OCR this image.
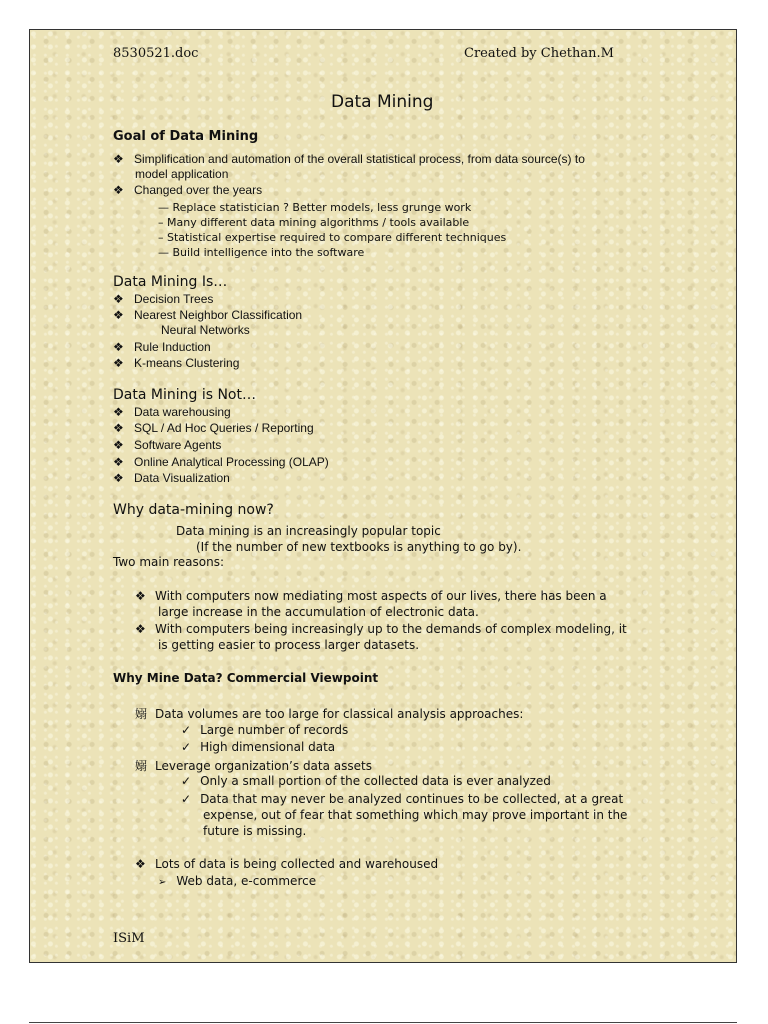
8530521.doc	Created by Chethan.M
Data Mining
Goal of Data Mining
❖ Simplification and automation of the overall statistical process, from data source(s) to
model application
❖ Changed over the years
— Replace statistician ? Better models, less grunge work
– Many different data mining algorithms / tools available
– Statistical expertise required to compare different techniques
— Build intelligence into the software
Data Mining Is…
❖ Decision Trees
❖ Nearest Neighbor Classification
Neural Networks
❖ Rule Induction
❖ K-means Clustering
Data Mining is Not…
❖ Data warehousing
❖ SQL / Ad Hoc Queries / Reporting
❖ Software Agents
❖ Online Analytical Processing (OLAP)
❖ Data Visualization
Why data-mining now?
Data mining is an increasingly popular topic
(If the number of new textbooks is anything to go by).
Two main reasons:
❖ With computers now mediating most aspects of our lives, there has been a
large increase in the accumulation of electronic data.
❖ With computers being increasingly up to the demands of complex modeling, it
is getting easier to process larger datasets.
Why Mine Data? Commercial Viewpoint
嫋 Data volumes are too large for classical analysis approaches:
✓ Large number of records
✓ High dimensional data
嫋 Leverage organization’s data assets
✓ Only a small portion of the collected data is ever analyzed
✓ Data that may never be analyzed continues to be collected, at a great
expense, out of fear that something which may prove important in the
future is missing.
❖ Lots of data is being collected and warehoused
➢ Web data, e-commerce
ISiM
